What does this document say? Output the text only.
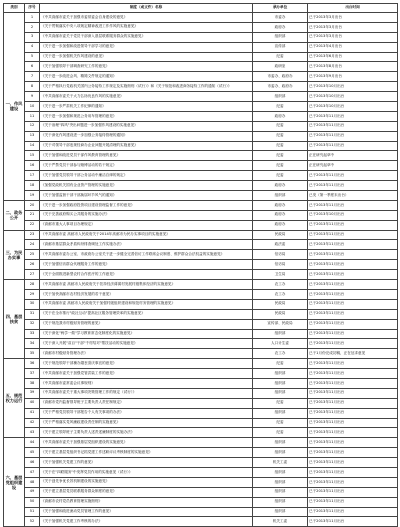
类别	序号	制度（或文件）名称	承办单位	出台时间
一、作风建设	1	《中共高邮市委关于加强市委常委会自身建设的意见》	市委办	已于2013年3月出台
	2	《关于贯彻落实中央八项规定精神改进工作作风的实施意见》	政府办	已于2013年3月出台
	3	《中共高邮市委关于党员干部深入基层联系服务群众的实施意见》	组织部	已于2013年3月出台
	4	《关于进一步加强和改进领导干部学习的意见》	宣传部	已于2013年4月出台
	5	《关于进一步加强机关作风建设的意见》	纪委	已于2013年6月出台
	6	《关于加强领导干部调查研究工作的意见》	政研室	已于2013年8月出台
	7	《关于进一步改进会风、精简文件规定的通知》	市委办、政府办	已于2013年9月出台
	8	《关于严格执行党政机关国内公务接待工作规定及实施细则（试行）》和《关于规范和改进商务接待工作的通知（试行）》	市委办、政府办	已于2013年10月出台
	9	《中共高邮市委关于大力弘扬优良作风的实施意见》	组织部	已于2013年10月出台
	10	《关于进一步严肃机关工作纪律的通知》	纪委	已于2013年10月出台
	11	《关于进一步加强和规范公务用车管理的意见》	政府办	已于2013年11月出台
	12	《关于治理"四风"突出问题进一步加强作风建设的实施意见》	纪委	已于2013年11月出台
	13	《关于深化作风建设进一步加强公务接待管理的通知》	纪委	已于2013年11月出台
	14	《关于对领导干部违规经商办企业问题开展清理的实施意见》	纪委	已于2013年11月出台
	15	《关于加强和改进党员干部作风教育管理的意见》	纪委	正在研究起草中
	16	《关于严禁党员干部参与赌博活动的若干规定》	纪委	正在研究起草中
	17	《关于加强党员领导干部公务活动中廉洁自律的规定》	纪委	已于2013年11月出台
	18	《加强党政机关国有企业资产管理的实施意见》	政府办	已于2013年11月出台
	19	《关于加强监督干部干部换届环节风气的通知》	组织部	已发（第一季度末出台）
二、政务公开	20	《关于进一步加强政府投资项目建设管理监督工作的意见》	政府办	已于2013年11月出台
	21	《关于完善政府购买公共服务的实施办法》	政府办	已于2013年10月出台
	22	《高邮市重大人事项目办理规定》	政府办	已于2013年11月出台
三、为民办实事	23	《中共高邮市委 高邮市人民政府关于2014年高邮市为民办实事项目的实施意见》	民政局	已于2013年11月出台
	24	《高邮市基层群众矛盾纠纷排查调处工作实施办法》	政法委	已于2013年11月出台
	25	《中共高邮市委办公室、市政府办公室关于进一步健全完善信访工作联席会议制度、维护群众合法权益的实施意见》	信访局	已于2013年11月出台
	26	《关于加强信访群众代理服务工作的意见》	信访局	已于2013年11月出台
	27	《关于全面推进新型农村合作医疗的工作意见》	卫生局	已于2013年11月出台
四、基层扶贫	28	《中共高邮市委 高邮市人民政府关于扶持经济薄弱村发展村级集体经济的实施意见》	农工办	已于2013年11月出台
	29	《关于加快高邮市农村经济发展的若干意见》	农工办	已于2013年11月出台
	30	《中共高邮市委 高邮市人民政府关于加强村级组织建设和规范村务管理的实施意见》	民政局	已于2013年11月出台
	31	《关于在全市推行"政社互动"提高社区服务管理效率的实施意见》	民政局	已于2013年11月出台
	32	《关于规范我市村级财务管理的意见》	宣传部、民政局	已于2013年11月出台
	33	《关于深化"两学一做"学习教育常态化制度化的实施意见》	组织部	已于2013年11月出台
	34	《关于深入开展"双百"干部"千村结对"帮扶活动的实施意见》	人口计生委	已于2013年11月出台
	35	《高邮市村级财务管理办法》	农工办	已于1月份完成初稿，正在征求意见
五、规范权力运行	36	《关于规范领导干部操办婚丧喜庆事宜的意见》	纪委	已于2013年11月出台
	37	《中共高邮市委关于加强党管武装工作的意见》	组织部	已于2013年11月出台
	38	《中共高邮市委常委会议事规则》	组织部	已于2013年11月出台
	39	《中共高邮市委关于重大事项决策管理工作的规定（试行）》	组织部	已于2013年11月出台
	40	《高邮市党内监督领导班子主要负责人责任制规定》	纪委	已于2013年11月出台
	41	《关于严格党员领导干部报告个人有关事项的办法》	组织部	已于2013年11月出台
	42	《关于严格落实党风廉政建设责任制的实施意见》	纪委	已于2013年11月出台
	43	《关于建立领导班子主要负责人述责述廉制度的实施办法》	纪委	已于2013年11月出台
六、基层党组织建设	44	《中共高邮市委关于加强基层党组织建设的实施意见》	组织部	已于2013年11月出台
	45	《关于建立基层党组织书记抓党建工作述职评议考核制度的实施意见》	组织部	已于2013年11月出台
	46	《关于加强机关党建工作的意见》	机关工委	已于2013年11月出台
	47	《关于在"四联服务"中发挥党员作用的实施意见（试行）》	组织部	已于2013年11月出台
	48	《关于创先争优长效机制建设的实施意见》	组织部	已于2013年11月出台
	49	《关于建立基层党员联系服务群众制度的意见》	组织部	已于2013年11月出台
	50	《高邮市农村党员教育管理实施细则》	组织部	已于2013年11月出台
	51	《关于加强和改进流动党员管理工作的意见》	组织部	已于2013年11月出台
	52	《关于加强机关党建工作考核的办法》	机关工委	已于2013年11月出台
